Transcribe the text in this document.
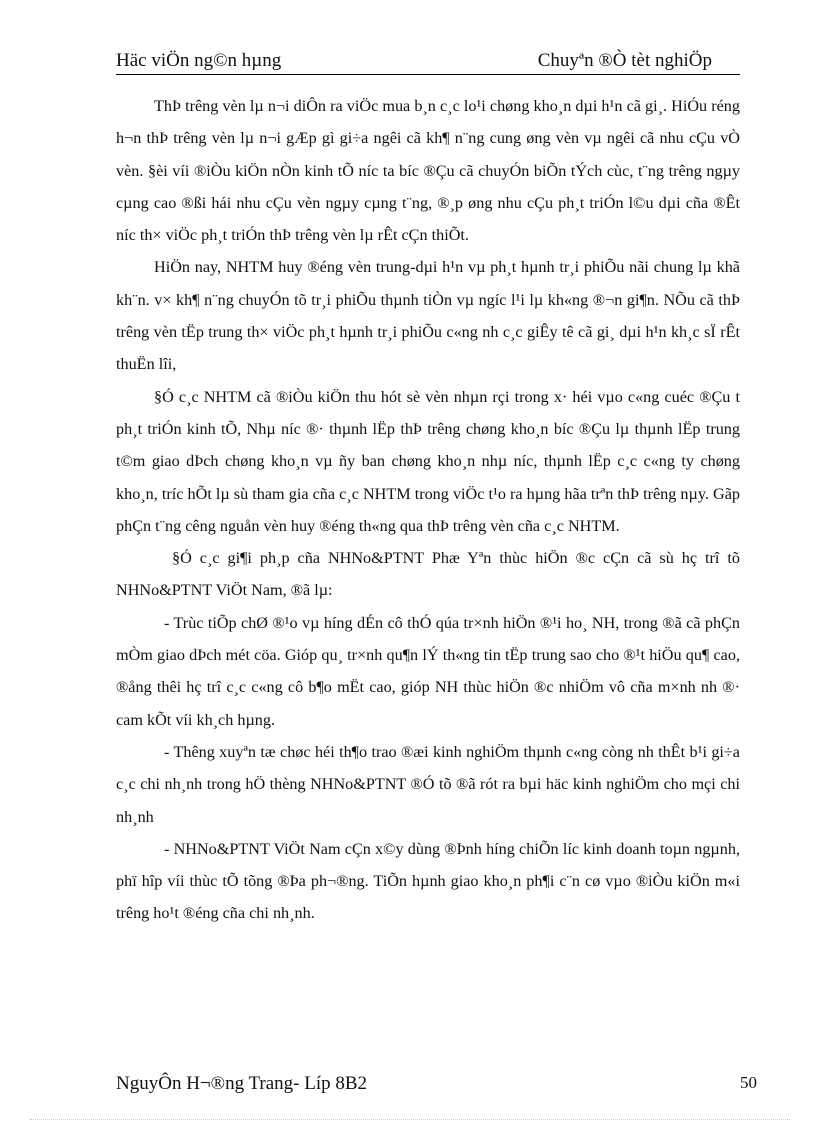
Häc viÖn ng©n hµng	Chuyªn ®Ò tèt nghiÖp

ThÞ trêng vèn lµ n¬i diÔn ra viÖc mua b¸n c¸c lo¹i chøng kho¸n dµi h¹n cã gi¸. HiÓu réng h¬n thÞ trêng vèn lµ n¬i gÆp gì gi÷a ngêi cã kh¶ n¨ng cung øng vèn vµ ngêi cã nhu cÇu vÒ vèn. §èi víi ®iÒu kiÖn nÒn kinh tÕ níc ta bíc ®Çu cã chuyÓn biÕn tÝch cùc, t¨ng trêng ngµy cµng cao ®ßi hái nhu cÇu vèn ngµy cµng t¨ng, ®¸p øng nhu cÇu ph¸t triÓn l©u dµi cña ®Êt níc th× viÖc ph¸t triÓn thÞ trêng vèn lµ rÊt cÇn thiÕt.

HiÖn nay, NHTM huy ®éng vèn trung-dµi h¹n vµ ph¸t hµnh tr¸i phiÕu nãi chung lµ khã kh¨n. v× kh¶ n¨ng chuyÓn tõ tr¸i phiÕu thµnh tiÒn vµ ngíc l¹i lµ kh«ng ®¬n gi¶n. NÕu cã thÞ trêng vèn tËp trung th× viÖc ph¸t hµnh tr¸i phiÕu c«ng nh c¸c giÊy tê cã gi¸ dµi h¹n kh¸c sÏ rÊt thuËn lîi,

§Ó c¸c NHTM cã ®iÒu kiÖn thu hót sè vèn nhµn rçi trong x· héi vµo c«ng cuéc ®Çu t ph¸t triÓn kinh tÕ, Nhµ níc ®· thµnh lËp thÞ trêng chøng kho¸n bíc ®Çu lµ thµnh lËp trung t©m giao dÞch chøng kho¸n vµ ñy ban chøng kho¸n nhµ níc, thµnh lËp c¸c c«ng ty chøng kho¸n, tríc hÕt lµ sù tham gia cña c¸c NHTM trong viÖc t¹o ra hµng hãa trªn thÞ trêng nµy. Gãp phÇn t¨ng cêng nguån vèn huy ®éng th«ng qua thÞ trêng vèn cña c¸c NHTM.

§Ó c¸c gi¶i ph¸p cña NHNo&PTNT Phæ Yªn thùc hiÖn ®c cÇn cã sù hç trî tõ NHNo&PTNT ViÖt Nam, ®ã lµ:

- Trùc tiÕp chØ ®¹o vµ híng dÉn cô thÓ qúa tr×nh hiÖn ®¹i ho¸ NH, trong ®ã cã phÇn mÒm giao dÞch mét cöa. Gióp qu¸ tr×nh qu¶n lÝ th«ng tin tËp trung sao cho ®¹t hiÖu qu¶ cao, ®ång thêi hç trî c¸c c«ng cô b¶o mËt cao, gióp NH thùc hiÖn ®c nhiÖm vô cña m×nh nh ®· cam kÕt víi kh¸ch hµng.

- Thêng xuyªn tæ chøc héi th¶o trao ®æi kinh nghiÖm thµnh c«ng còng nh thÊt b¹i gi÷a c¸c chi nh¸nh trong hÖ thèng NHNo&PTNT ®Ó tõ ®ã rót ra bµi häc kinh nghiÖm cho mçi chi nh¸nh

- NHNo&PTNT ViÖt Nam cÇn x©y dùng ®Þnh híng chiÕn líc kinh doanh toµn ngµnh, phï hîp víi thùc tÕ tõng ®Þa ph¬®ng. TiÕn hµnh giao kho¸n ph¶i c¨n cø vµo ®iÒu kiÖn m«i trêng ho¹t ®éng cña chi nh¸nh.

NguyÔn H¬®ng Trang- Líp 8B2	50
